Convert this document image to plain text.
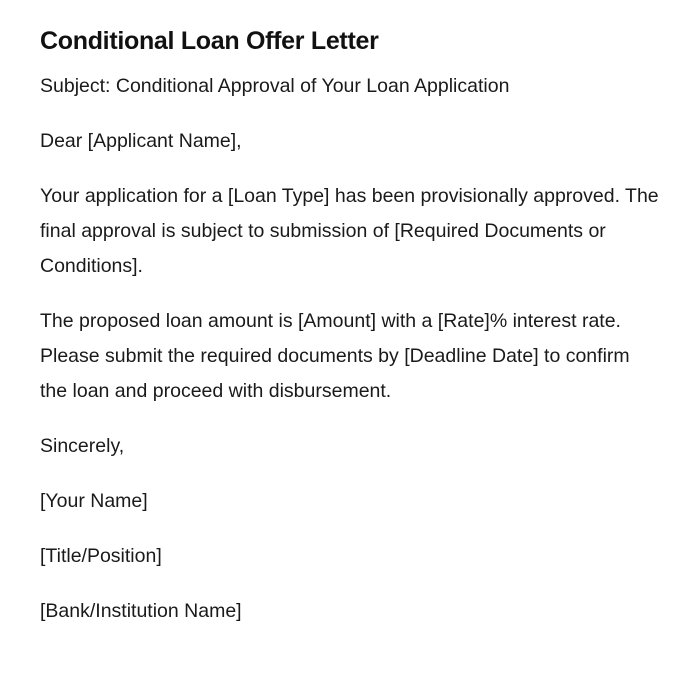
Conditional Loan Offer Letter

Subject: Conditional Approval of Your Loan Application

Dear [Applicant Name],

Your application for a [Loan Type] has been provisionally approved. The final approval is subject to submission of [Required Documents or Conditions].

The proposed loan amount is [Amount] with a [Rate]% interest rate. Please submit the required documents by [Deadline Date] to confirm the loan and proceed with disbursement.

Sincerely,

[Your Name]

[Title/Position]

[Bank/Institution Name]
